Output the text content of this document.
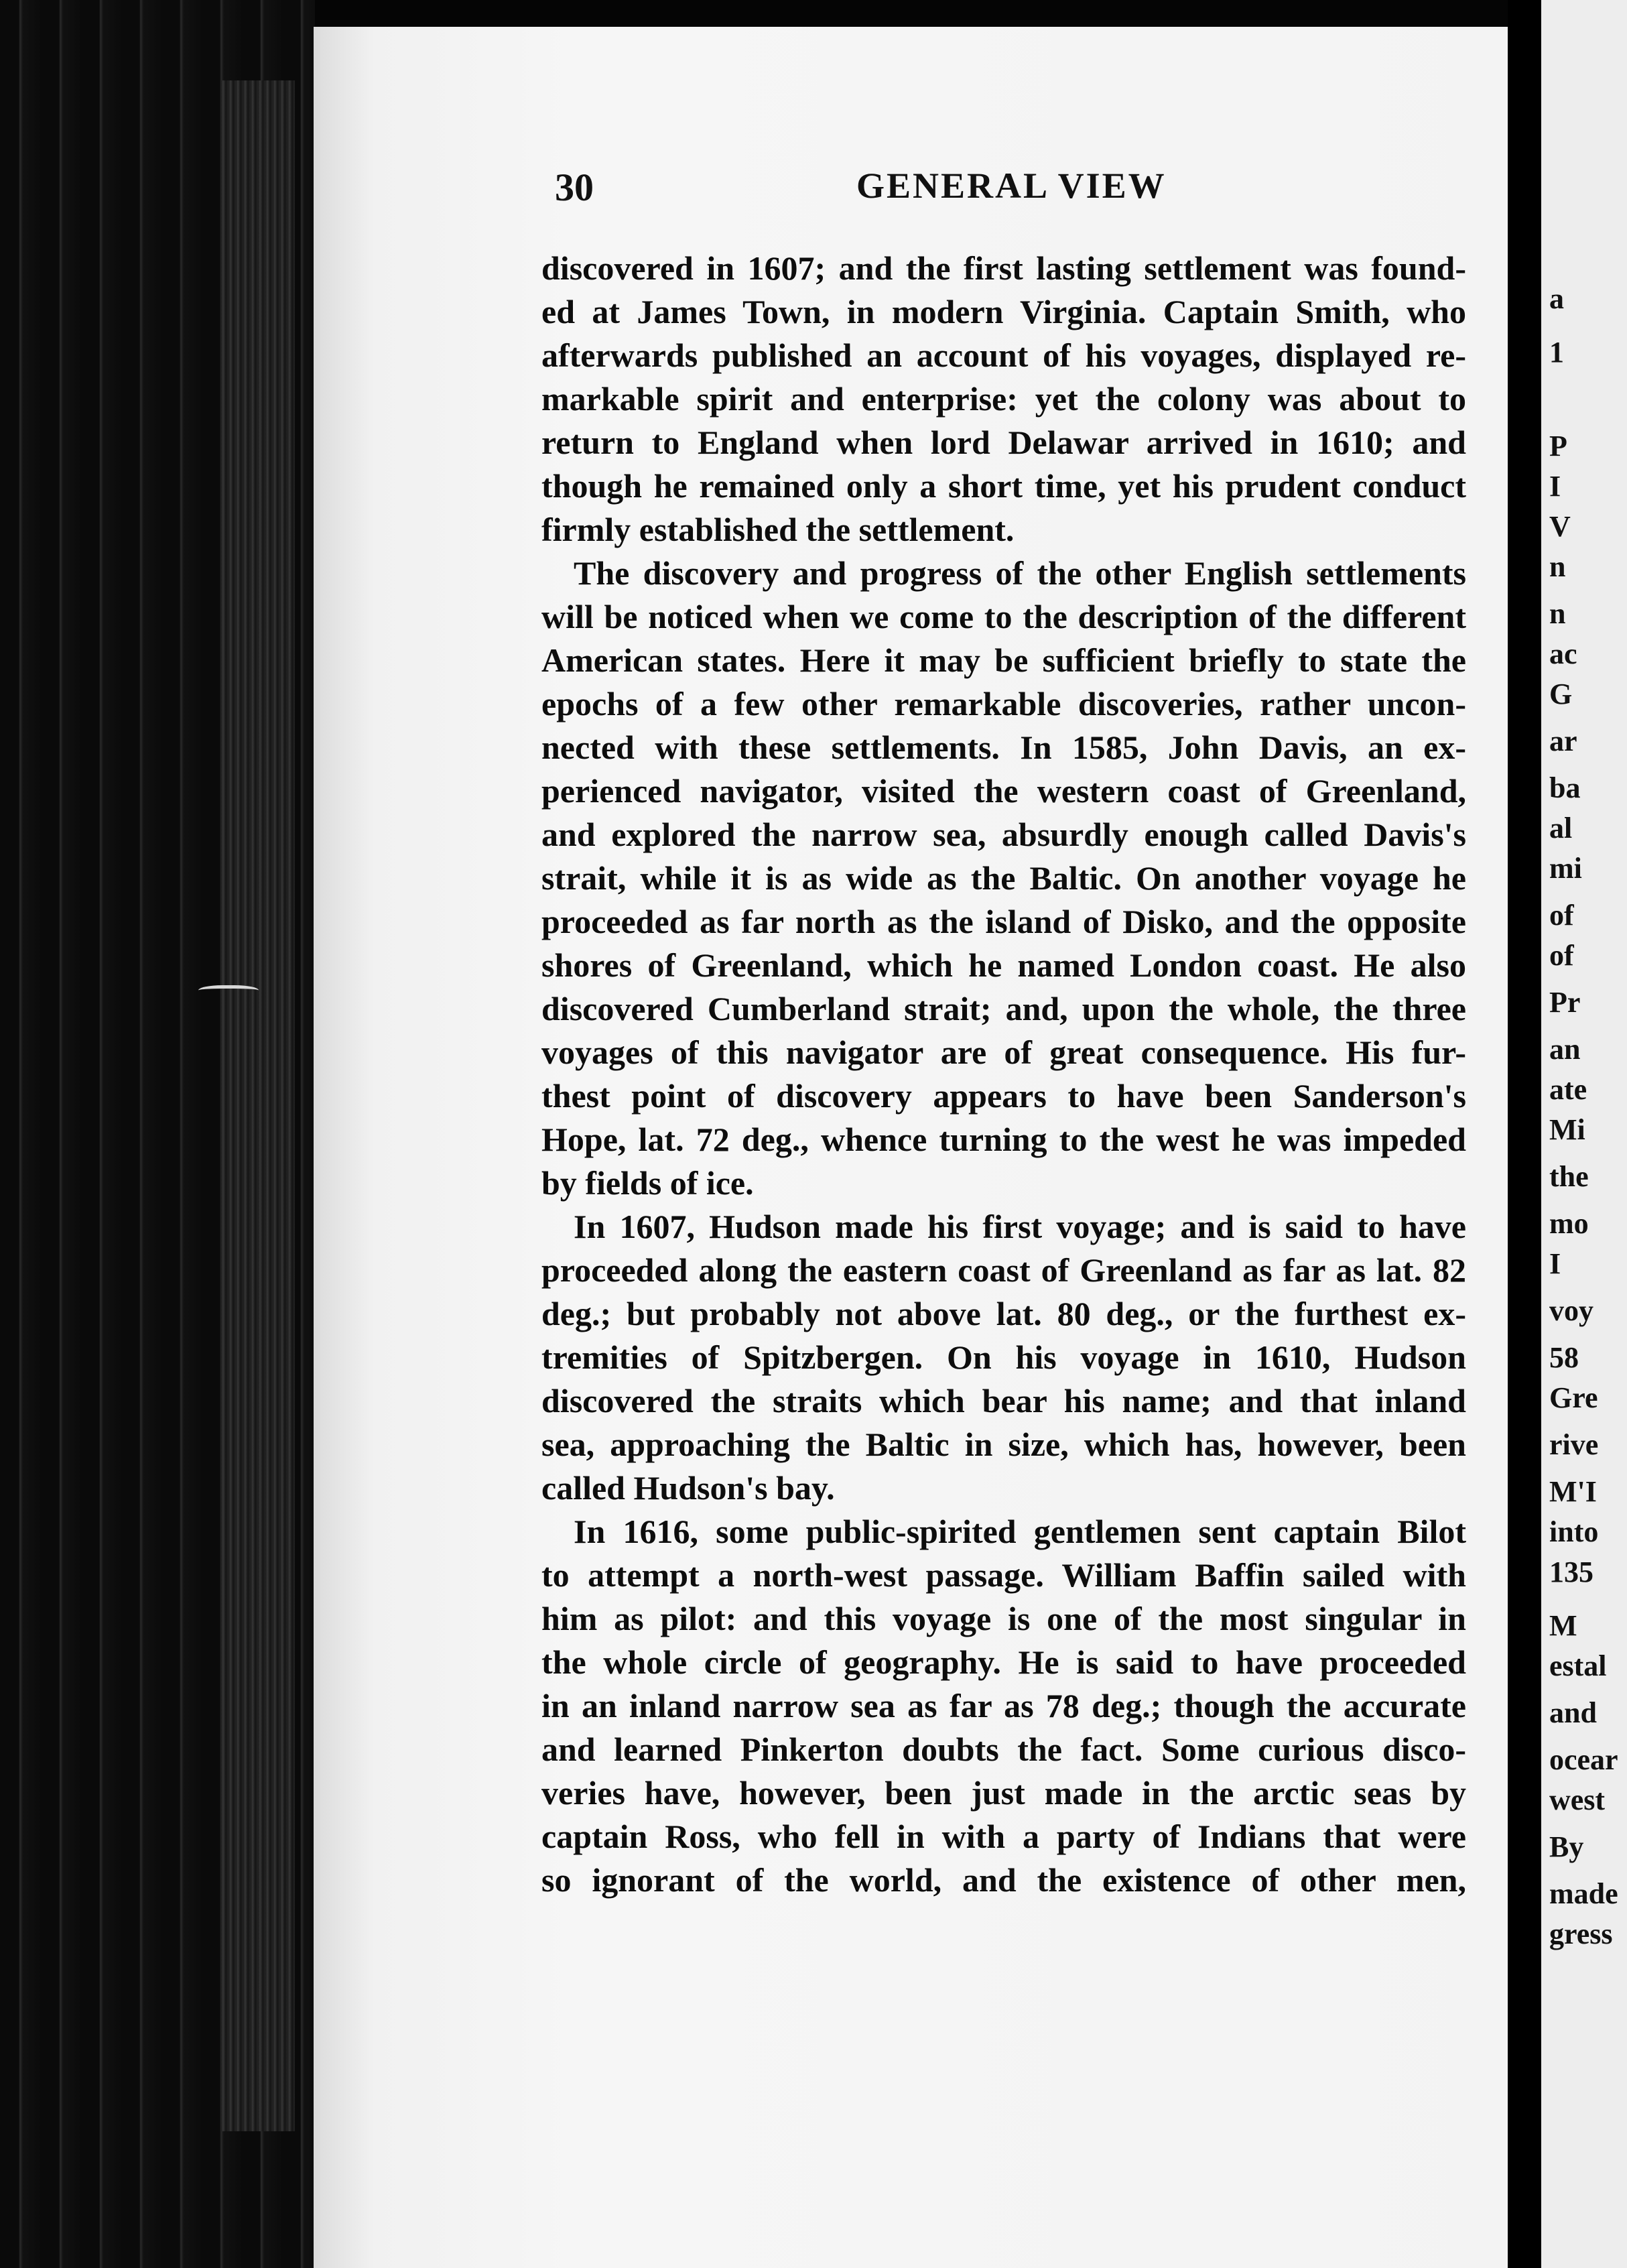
30	GENERAL VIEW
discovered in 1607; and the first lasting settlement was found-
ed at James Town, in modern Virginia. Captain Smith, who
afterwards published an account of his voyages, displayed re-
markable spirit and enterprise: yet the colony was about to
return to England when lord Delawar arrived in 1610; and
though he remained only a short time, yet his prudent conduct
firmly established the settlement.
The discovery and progress of the other English settlements
will be noticed when we come to the description of the different
American states. Here it may be sufficient briefly to state the
epochs of a few other remarkable discoveries, rather uncon-
nected with these settlements. In 1585, John Davis, an ex-
perienced navigator, visited the western coast of Greenland,
and explored the narrow sea, absurdly enough called Davis's
strait, while it is as wide as the Baltic. On another voyage he
proceeded as far north as the island of Disko, and the opposite
shores of Greenland, which he named London coast. He also
discovered Cumberland strait; and, upon the whole, the three
voyages of this navigator are of great consequence. His fur-
thest point of discovery appears to have been Sanderson's
Hope, lat. 72 deg., whence turning to the west he was impeded
by fields of ice.
In 1607, Hudson made his first voyage; and is said to have
proceeded along the eastern coast of Greenland as far as lat. 82
deg.; but probably not above lat. 80 deg., or the furthest ex-
tremities of Spitzbergen. On his voyage in 1610, Hudson
discovered the straits which bear his name; and that inland
sea, approaching the Baltic in size, which has, however, been
called Hudson's bay.
In 1616, some public-spirited gentlemen sent captain Bilot
to attempt a north-west passage. William Baffin sailed with
him as pilot: and this voyage is one of the most singular in
the whole circle of geography. He is said to have proceeded
in an inland narrow sea as far as 78 deg.; though the accurate
and learned Pinkerton doubts the fact. Some curious disco-
veries have, however, been just made in the arctic seas by
captain Ross, who fell in with a party of Indians that were
so ignorant of the world, and the existence of other men,
a
1
P
I
V
n
n
ac
G
ar
ba
al
mi
of
of
Pr
an
ate
Mi
the
mo
I
voy
58
Gre
rive
M'I
into
135
M
estal
and
ocear
west
By
made
gress
